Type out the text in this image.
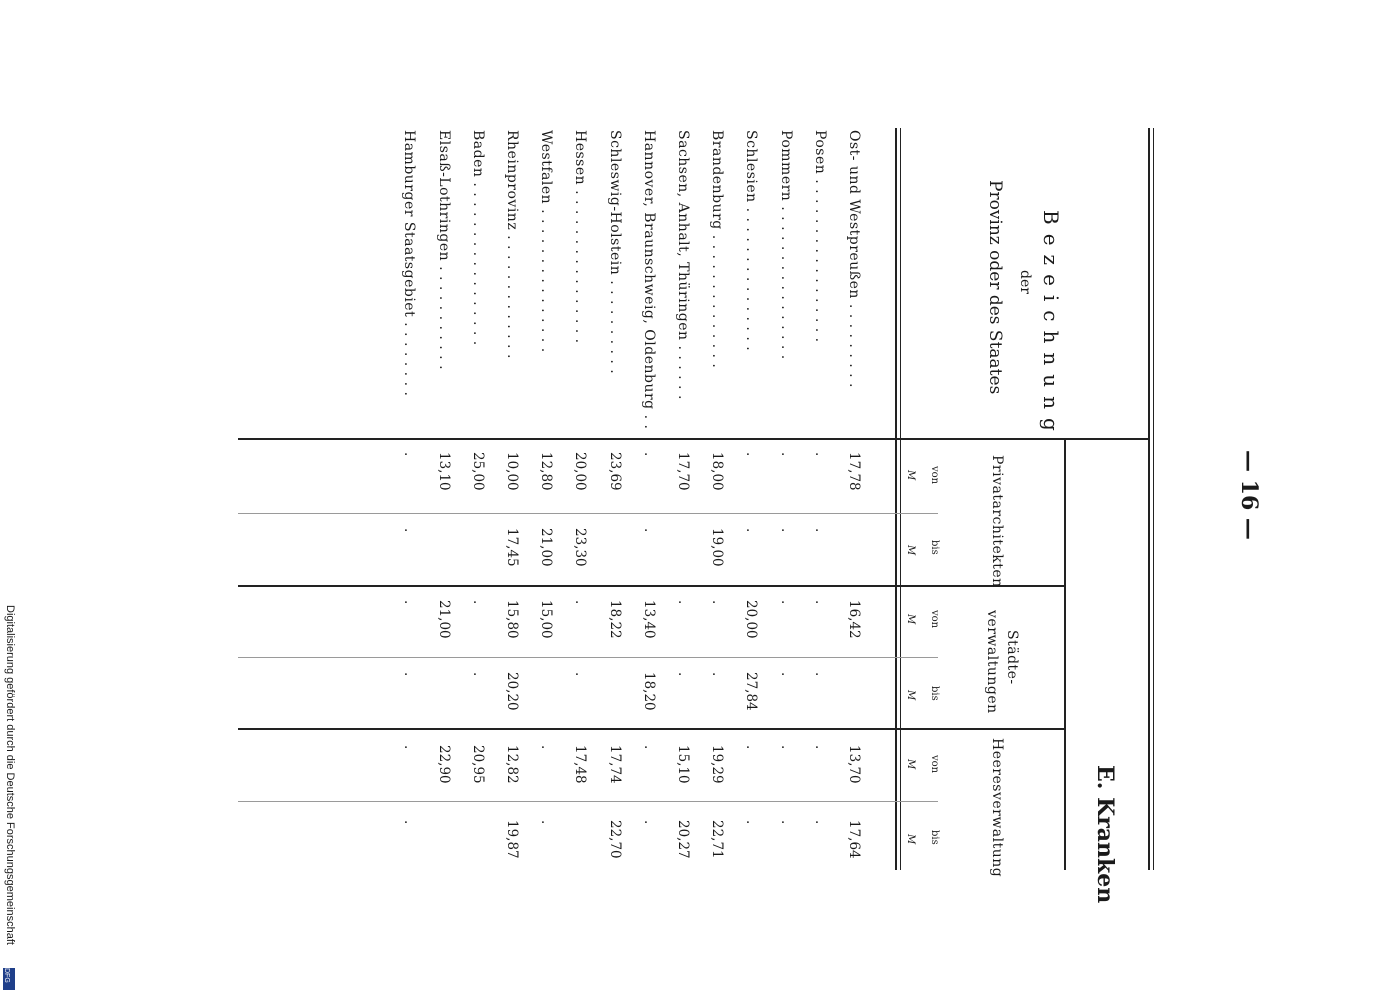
— 16 —
E. Kranken
Bezeichnung
der
Provinz oder des Staates
Privatarchitekten
Städte-
verwaltungen
Heeresverwaltung
von
bis
von
bis
von
bis
M
M
M
M
M
M
Ost- und Westpreußen . . . . . . . . .
17,78
16,42
13,70
17,64
Posen . . . . . . . . . . . . . . . . .
.
.
.
.
.
.
Pommern . . . . . . . . . . . . . . . .
.
.
.
.
.
.
Schlesien . . . . . . . . . . . . . . .
.
.
20,00
27,84
.
.
Brandenburg . . . . . . . . . . . . . .
18,00
19,00
.
.
19,29
22,71
Sachsen, Anhalt, Thüringen . . . . . .
17,70
.
.
15,10
20,27
Hannover, Braunschweig, Oldenburg . .
.
.
13,40
18,20
.
.
Schleswig-Holstein . . . . . . . . . .
23,69
18,22
17,74
22,70
Hessen . . . . . . . . . . . . . . . .
20,00
23,30
.
.
17,48
Westfalen . . . . . . . . . . . . . . .
12,80
21,00
15,00
.
.
Rheinprovinz . . . . . . . . . . . . .
10,00
17,45
15,80
20,20
12,82
19,87
Baden . . . . . . . . . . . . . . . . .
25,00
.
.
20,95
Elsaß-Lothringen . . . . . . . . . . .
13,10
21,00
22,90
Hamburger Staatsgebiet . . . . . . . .
.
.
.
.
.
.
Digitalisierung gefördert durch die Deutsche Forschungsgemeinschaft
DFG
